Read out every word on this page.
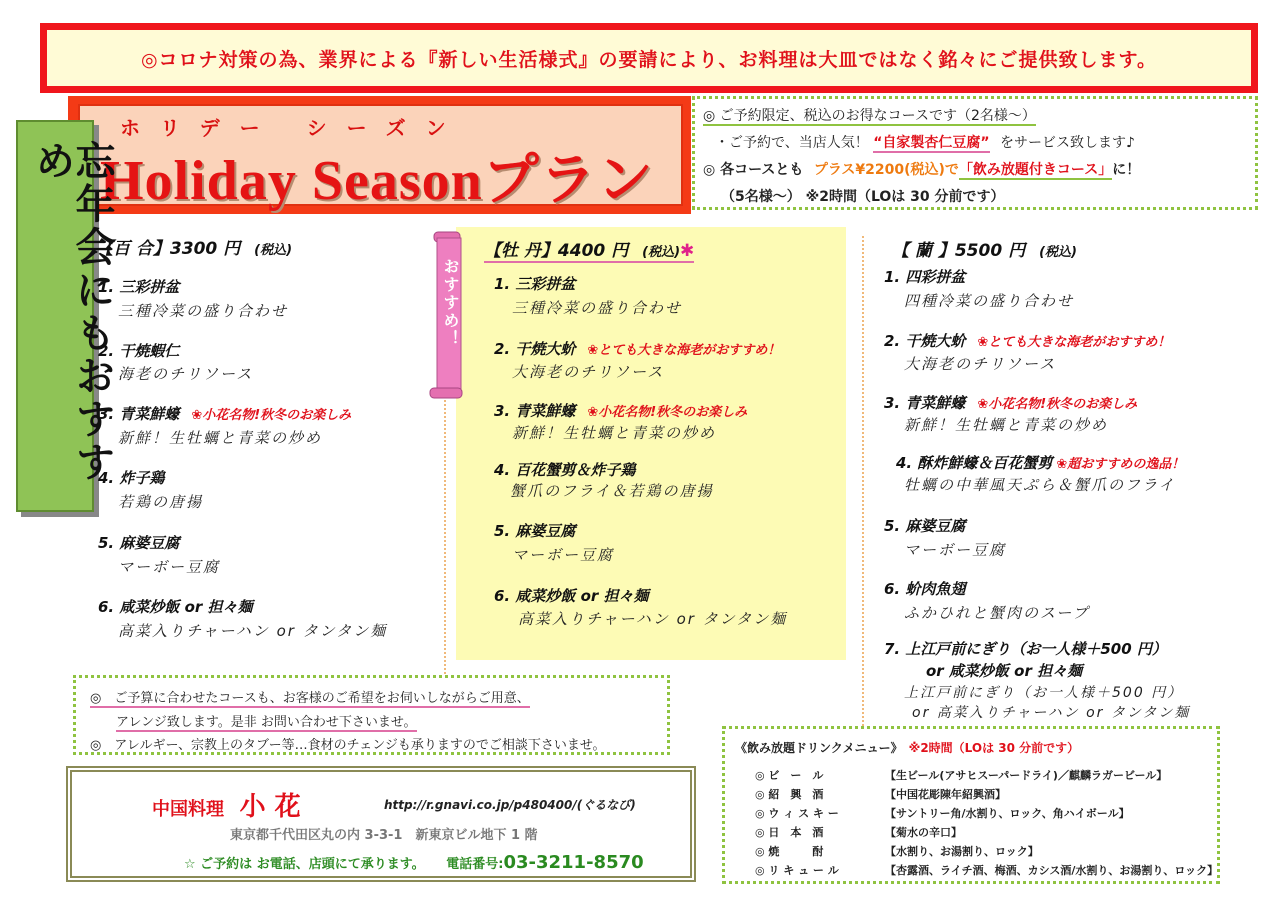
◎コロナ対策の為、業界による『新しい生活様式』の要請により、お料理は大皿ではなく銘々にご提供致します。
ホリデー シーズン
Holiday Seasonプラン
忘年会にもおすすめ
◎ ご予約限定、税込のお得なコースです（2名様～）
・ご予約で、当店人気！ “自家製杏仁豆腐” をサービス致します♪
◎ 各コースとも プラス¥2200(税込)で「飲み放題付きコース」に！
（5名様～） ※2時間（LOは 30 分前です）
おすすめ！
【百 合】3300 円 (税込)
1. 三彩拼盆
三種冷菜の盛り合わせ
2. 干焼蝦仁
海老のチリソース
3. 青菜鮮蠔 ❀小花名物!秋冬のお楽しみ
新鮮！生牡蠣と青菜の炒め
4. 炸子鶏
若鶏の唐揚
5. 麻婆豆腐
マーボー豆腐
6. 咸菜炒飯 or 担々麺
高菜入りチャーハン or タンタン麺
【牡 丹】4400 円 (税込)✱
1. 三彩拼盆
三種冷菜の盛り合わせ
2. 干焼大蚧 ❀とても大きな海老がおすすめ！
大海老のチリソース
3. 青菜鮮蠔 ❀小花名物!秋冬のお楽しみ
新鮮！生牡蠣と青菜の炒め
4. 百花蟹剪＆炸子鶏
蟹爪のフライ＆若鶏の唐揚
5. 麻婆豆腐
マーボー豆腐
6. 咸菜炒飯 or 担々麺
高菜入りチャーハン or タンタン麺
【 蘭 】5500 円 (税込)
1. 四彩拼盆
四種冷菜の盛り合わせ
2. 干焼大蚧 ❀とても大きな海老がおすすめ！
大海老のチリソース
3. 青菜鮮蠔 ❀小花名物!秋冬のお楽しみ
新鮮！生牡蠣と青菜の炒め
4. 酥炸鮮蠔＆百花蟹剪 ❀超おすすめの逸品！
牡蠣の中華風天ぷら＆蟹爪のフライ
5. 麻婆豆腐
マーボー豆腐
6. 蚧肉魚翅
ふかひれと蟹肉のスープ
7. 上江戸前にぎり（お一人様＋500 円）
or 咸菜炒飯 or 担々麺
上江戸前にぎり（お一人様＋500 円）
or 高菜入りチャーハン or タンタン麺
◎　ご予算に合わせたコースも、お客様のご希望をお伺いしながらご用意、
アレンジ致します。是非 お問い合わせ下さいませ。
◎　アレルギー、宗教上のタブー等…食材のチェンジも承りますのでご相談下さいませ。
中国料理 小 花	http://r.gnavi.co.jp/p480400/(ぐるなび)
東京都千代田区丸の内 3-3-1　新東京ビル地下 1 階
☆ ご予約は お電話、店頭にて承ります。 電話番号:03-3211-8570
《飲み放題ドリンクメニュー》 ※2時間（LOは 30 分前です）
◎ ビ　ー　ル	【生ビール(アサヒスーパードライ)／麒麟ラガービール】
◎ 紹　興　酒	【中国花彫陳年紹興酒】
◎ ウ ィ ス キ ー	【サントリー角/水割り、ロック、角ハイボール】
◎ 日　本　酒	【菊水の辛口】
◎ 焼　　　酎	【水割り、お湯割り、ロック】
◎ リ キ ュ ー ル	【杏露酒、ライチ酒、梅酒、カシス酒/水割り、お湯割り、ロック】
